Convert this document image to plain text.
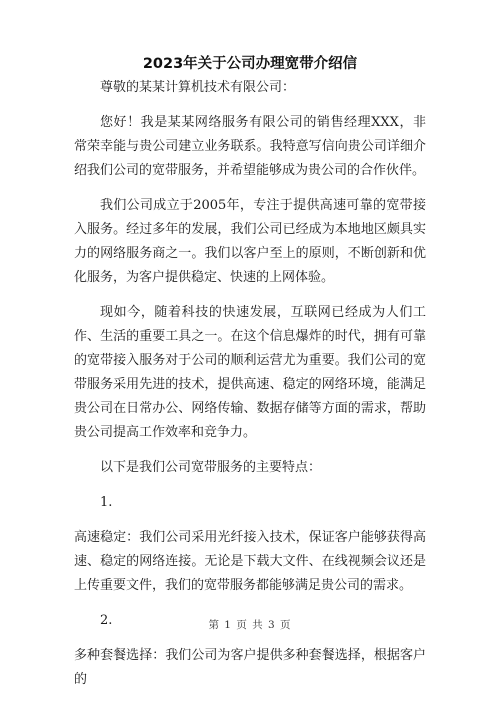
2023年关于公司办理宽带介绍信

尊敬的某某计算机技术有限公司：

您好！我是某某网络服务有限公司的销售经理XXX，非常荣幸能与贵公司建立业务联系。我特意写信向贵公司详细介绍我们公司的宽带服务，并希望能够成为贵公司的合作伙伴。

我们公司成立于2005年，专注于提供高速可靠的宽带接入服务。经过多年的发展，我们公司已经成为本地地区颇具实力的网络服务商之一。我们以客户至上的原则，不断创新和优化服务，为客户提供稳定、快速的上网体验。

现如今，随着科技的快速发展，互联网已经成为人们工作、生活的重要工具之一。在这个信息爆炸的时代，拥有可靠的宽带接入服务对于公司的顺利运营尤为重要。我们公司的宽带服务采用先进的技术，提供高速、稳定的网络环境，能满足贵公司在日常办公、网络传输、数据存储等方面的需求，帮助贵公司提高工作效率和竞争力。

以下是我们公司宽带服务的主要特点：

1.

高速稳定：我们公司采用光纤接入技术，保证客户能够获得高速、稳定的网络连接。无论是下载大文件、在线视频会议还是上传重要文件，我们的宽带服务都能够满足贵公司的需求。

2.

多种套餐选择：我们公司为客户提供多种套餐选择，根据客户的

第 1 页 共 3 页
